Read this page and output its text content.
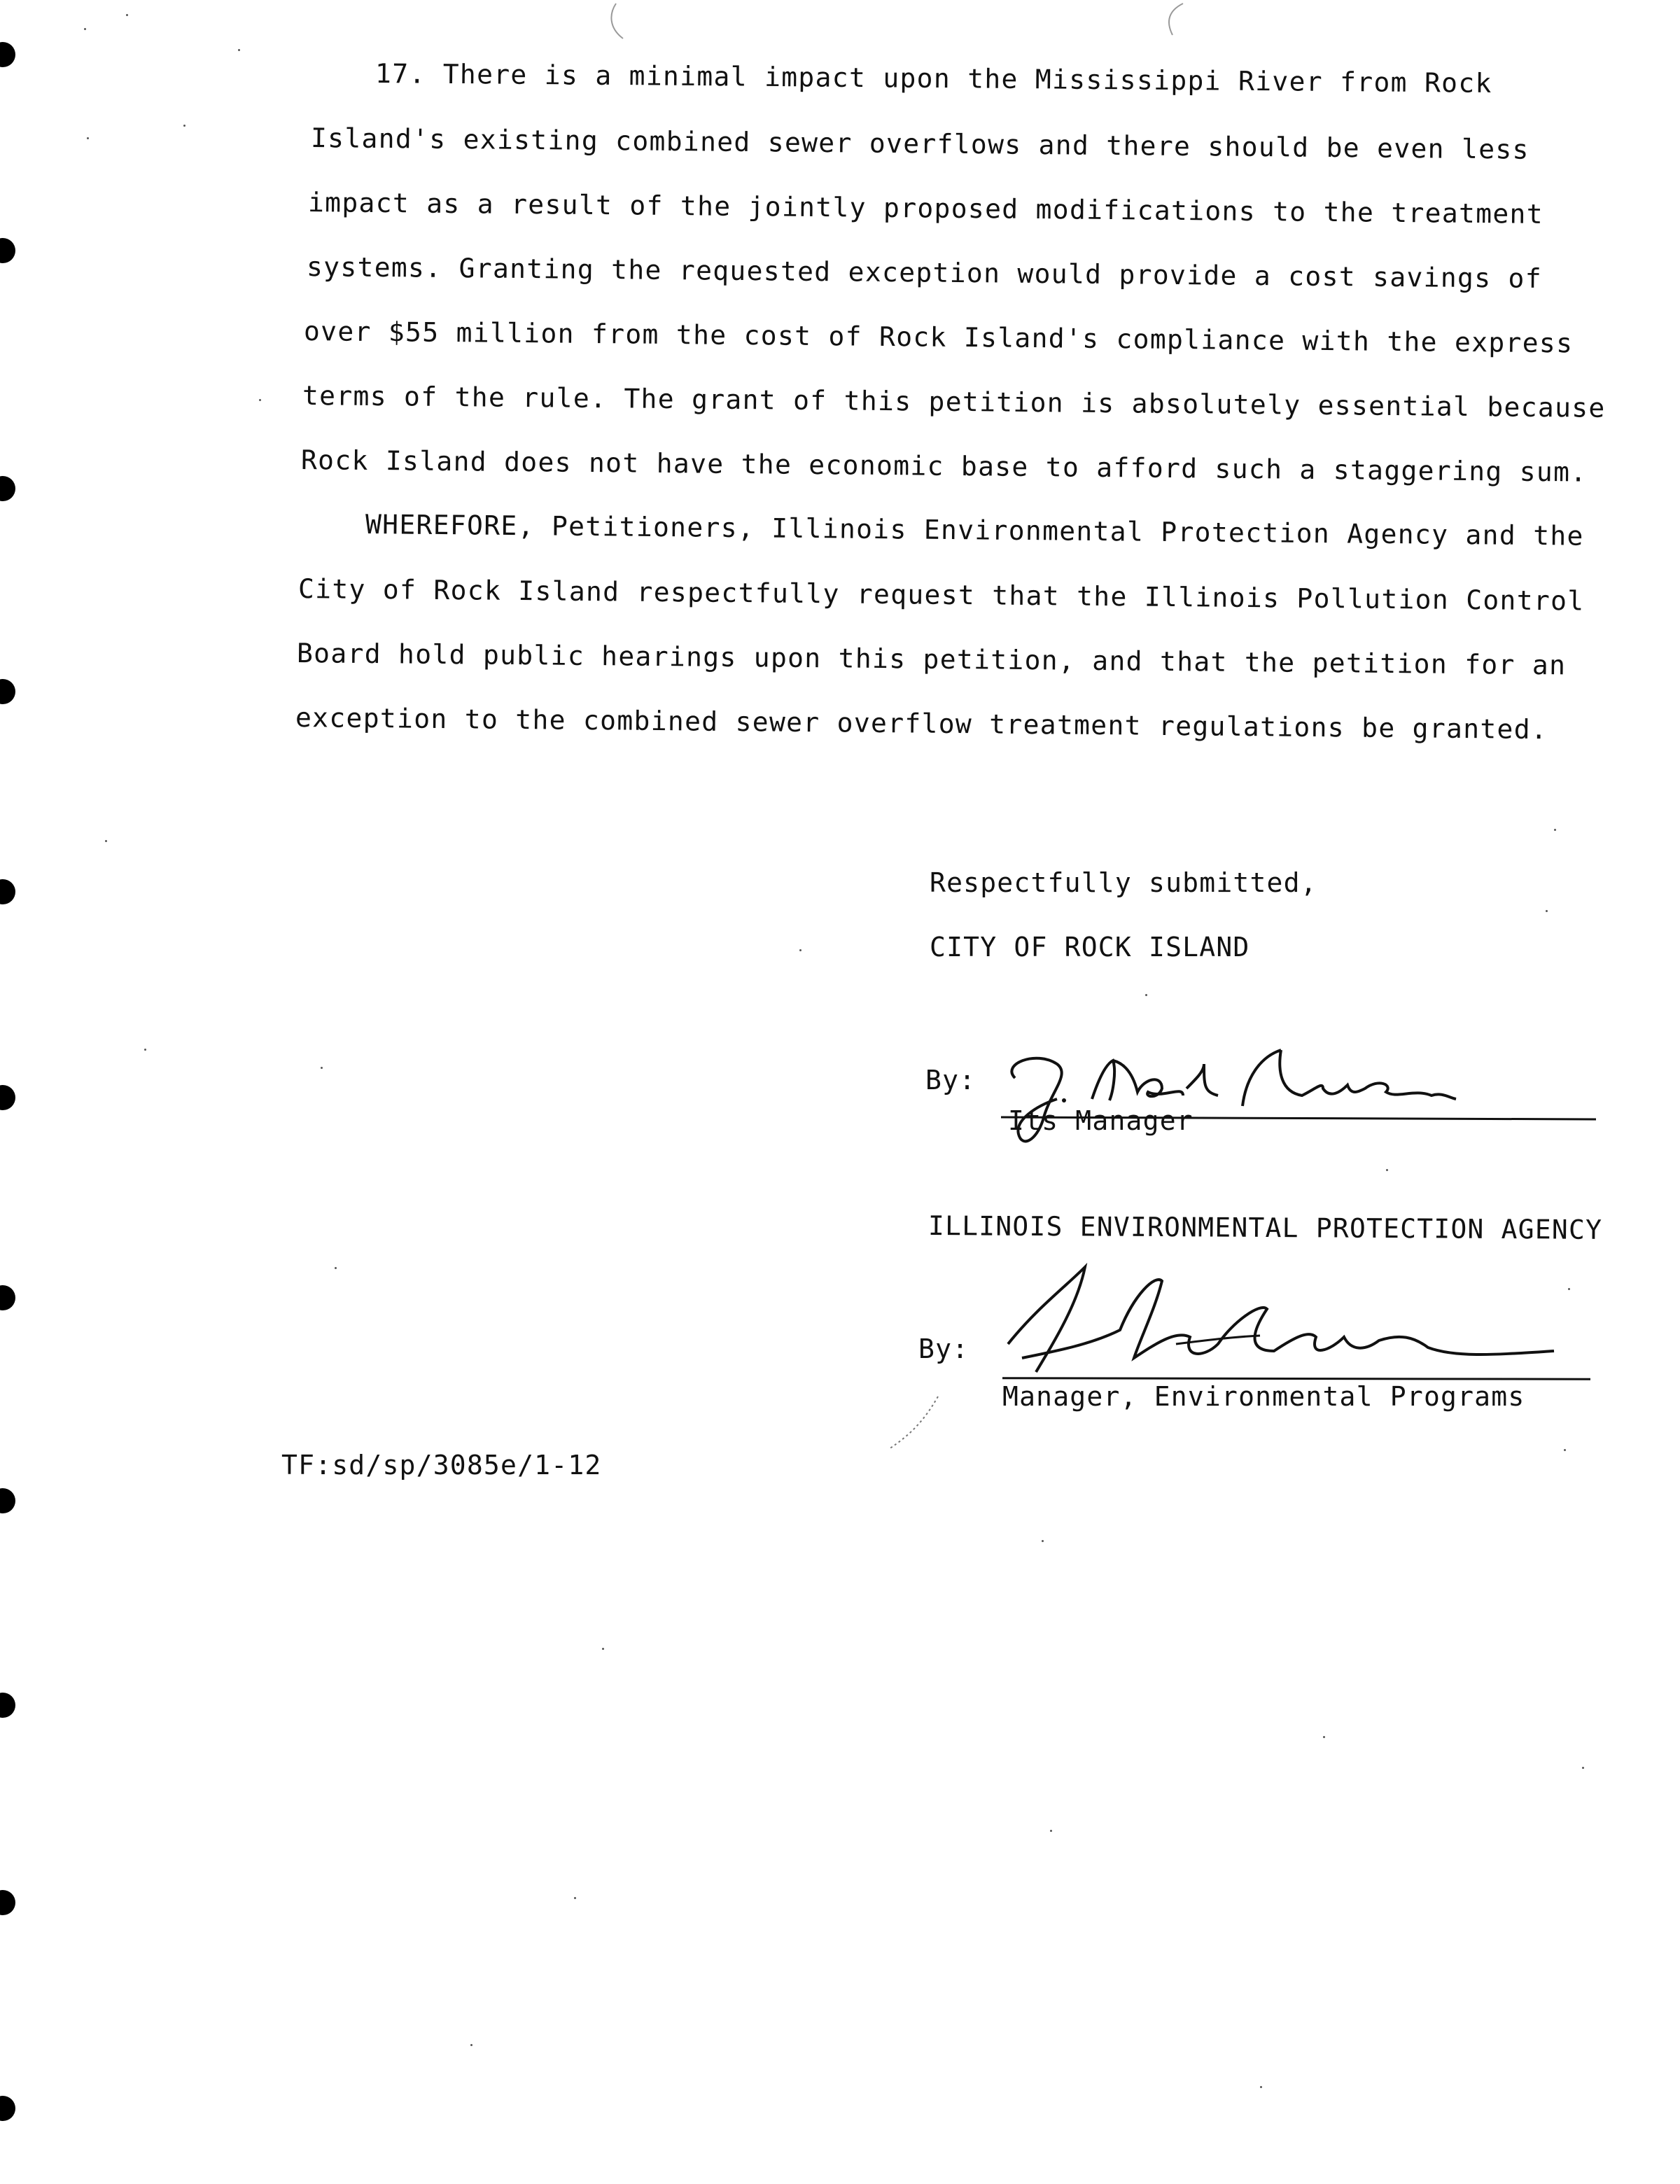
17. There is a minimal impact upon the Mississippi River from Rock
Island's existing combined sewer overflows and there should be even less
impact as a result of the jointly proposed modifications to the treatment
systems. Granting the requested exception would provide a cost savings of
over $55 million from the cost of Rock Island's compliance with the express
terms of the rule. The grant of this petition is absolutely essential because
Rock Island does not have the economic base to afford such a staggering sum.
WHEREFORE, Petitioners, Illinois Environmental Protection Agency and the
City of Rock Island respectfully request that the Illinois Pollution Control
Board hold public hearings upon this petition, and that the petition for an
exception to the combined sewer overflow treatment regulations be granted.
Respectfully submitted,
CITY OF ROCK ISLAND
By:
Its Manager
ILLINOIS ENVIRONMENTAL PROTECTION AGENCY
By:
Manager, Environmental Programs
TF:sd/sp/3085e/1-12
